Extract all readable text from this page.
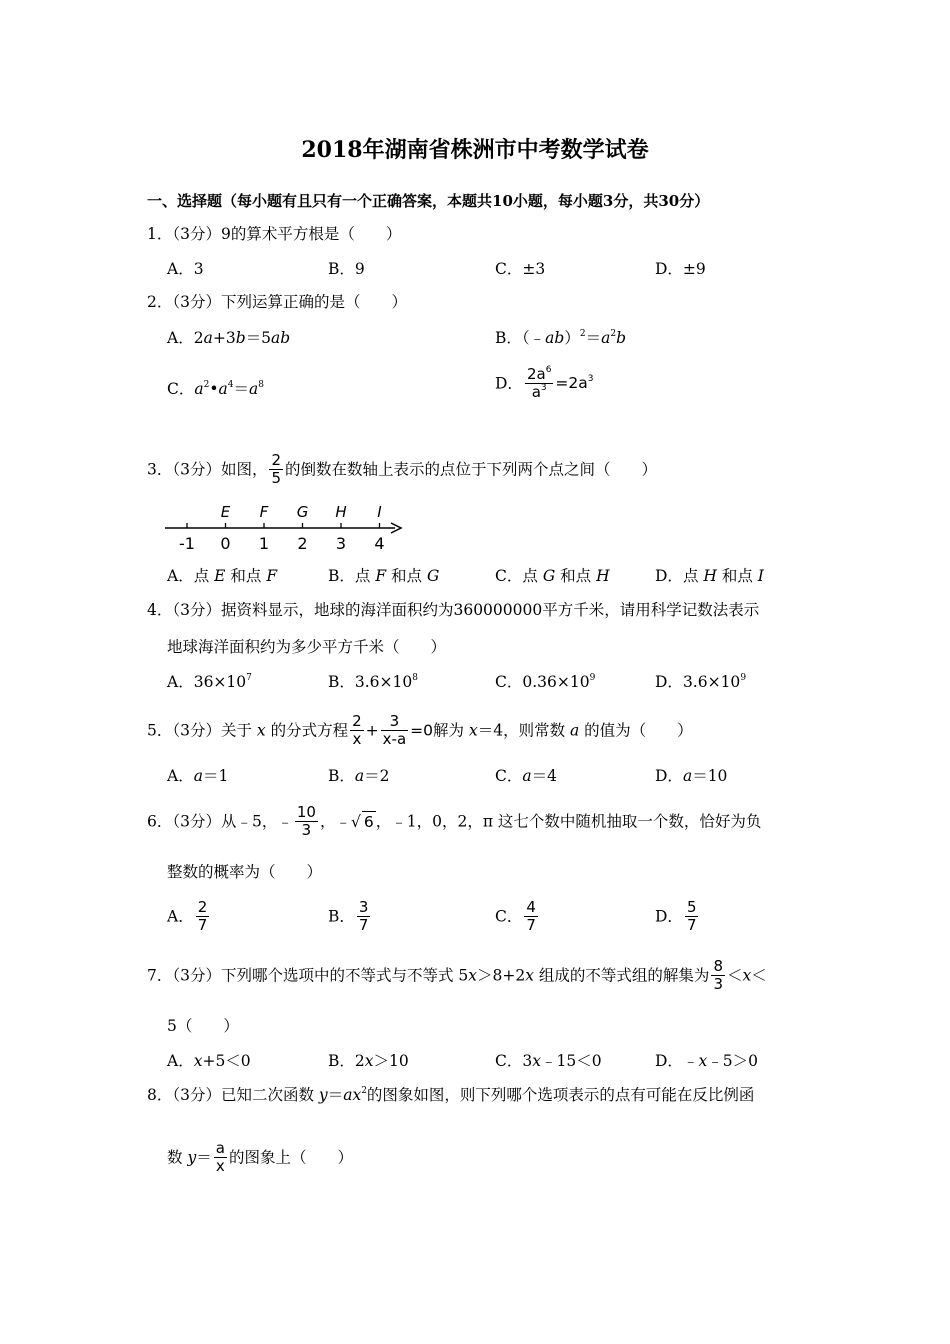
2018年湖南省株洲市中考数学试卷
一、选择题（每小题有且只有一个正确答案，本题共10小题，每小题3分，共30分）
1．（3分）9的算术平方根是（　　）
A．3	B．9	C．±3	D．±9
2．（3分）下列运算正确的是（　　）
A．2a+3b＝5ab	B．$(﹣ab)^2=a^2b$
C．$a^2•a^4=a^8$	D． $\frac{2a^6}{a^3} =2a^3$
3．（3分）如图， $\frac{2}{5}$ 的倒数在数轴上表示的点位于下列两个点之间（　　）
E F G H I
-1 0 1 2 3 4
A．点 E 和点 F	B．点 F 和点 G	C．点 G 和点 H	D．点 H 和点 I
4．（3分）据资料显示，地球的海洋面积约为360000000平方千米，请用科学记数法表示
地球海洋面积约为多少平方千米（　　）
A．$36\times 10^7$	B．$3.6\times 10^8$	C．$0.36\times 10^9$	D．$3.6\times 10^9$
5．（3分）关于 x 的分式方程 $\frac{2}{x} + \frac{3}{x-a} =0$解为 x＝4，则常数 a 的值为（　　）
A．a＝1	B．a＝2	C．a＝4	D．a＝10
6．（3分）从﹣5，﹣ $\frac{10}{3}$ ，﹣√ 6 ，﹣1，0，2，π 这七个数中随机抽取一个数，恰好为负
整数的概率为（　　）
A． $\frac{2}{7}$	B． $\frac{3}{7}$	C． $\frac{4}{7}$	D． $\frac{5}{7}$
7．（3分）下列哪个选项中的不等式与不等式 5x＞8+2x 组成的不等式组的解集为 $\frac{8}{3} <x<$
5（　　）
A．x+5＜0	B．2x＞10	C．3x﹣15＜0	D．﹣x﹣5＞0
8．（3分）已知二次函数 $y=ax^2$的图象如图，则下列哪个选项表示的点有可能在反比例函
数 $y= \frac{a}{x}$ 的图象上（　　）
